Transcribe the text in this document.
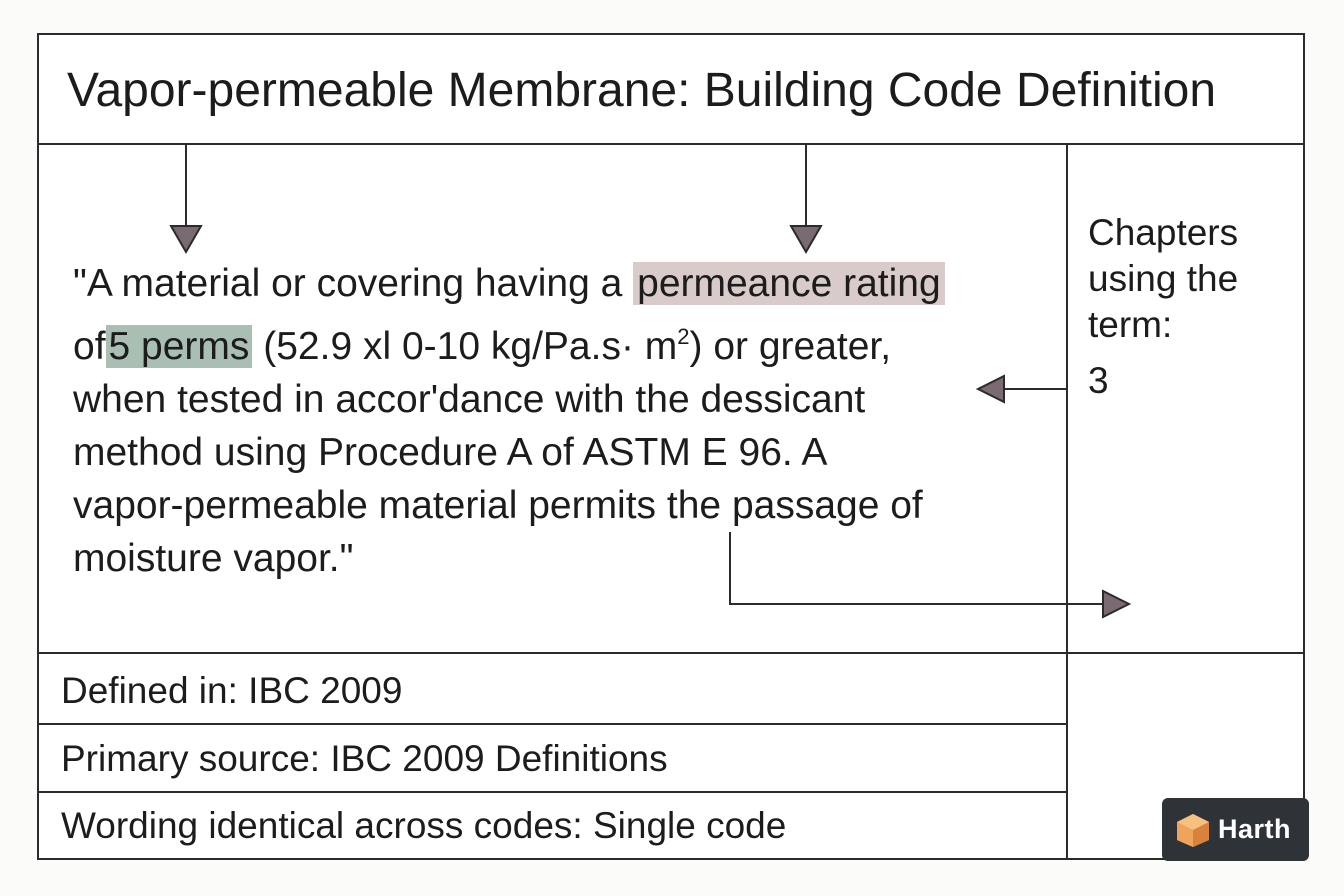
Vapor-permeable Membrane: Building Code Definition
"A material or covering having a permeance rating
of5 perms (52.9 xl 0-10 $kg/Pa.s\cdot m^2$) or greater,
when tested in accor'dance with the dessicant
method using Procedure A of ASTM E 96. A
vapor-permeable material permits the passage of
moisture vapor."
Chapters
using the
term:
3
Defined in: IBC 2009
Primary source: IBC 2009 Definitions
Wording identical across codes: Single code	Harth
